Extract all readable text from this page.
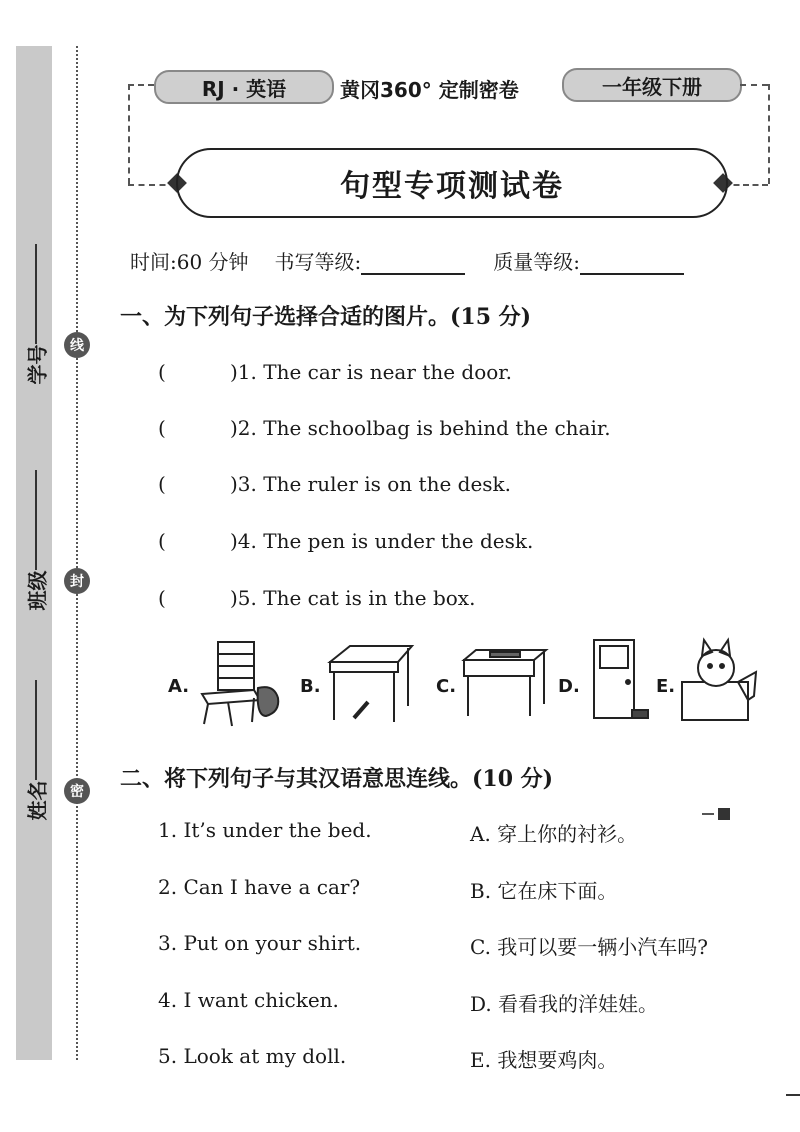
线
封
密
学号
班级
姓名
RJ · 英语	黄冈360° 定制密卷	一年级下册
句型专项测试卷
时间:60 分钟 书写等级:	质量等级:
一、为下列句子选择合适的图片。(15 分)
(	)1. The car is near the door.
(	)2. The schoolbag is behind the chair.
(	)3. The ruler is on the desk.
(	)4. The pen is under the desk.
(	)5. The cat is in the box.
A.	B.	C.	D.	E.
二、将下列句子与其汉语意思连线。(10 分)
1. It’s under the bed.
2. Can I have a car?
3. Put on your shirt.
4. I want chicken.
5. Look at my doll.
A. 穿上你的衬衫。
B. 它在床下面。
C. 我可以要一辆小汽车吗?
D. 看看我的洋娃娃。
E. 我想要鸡肉。
